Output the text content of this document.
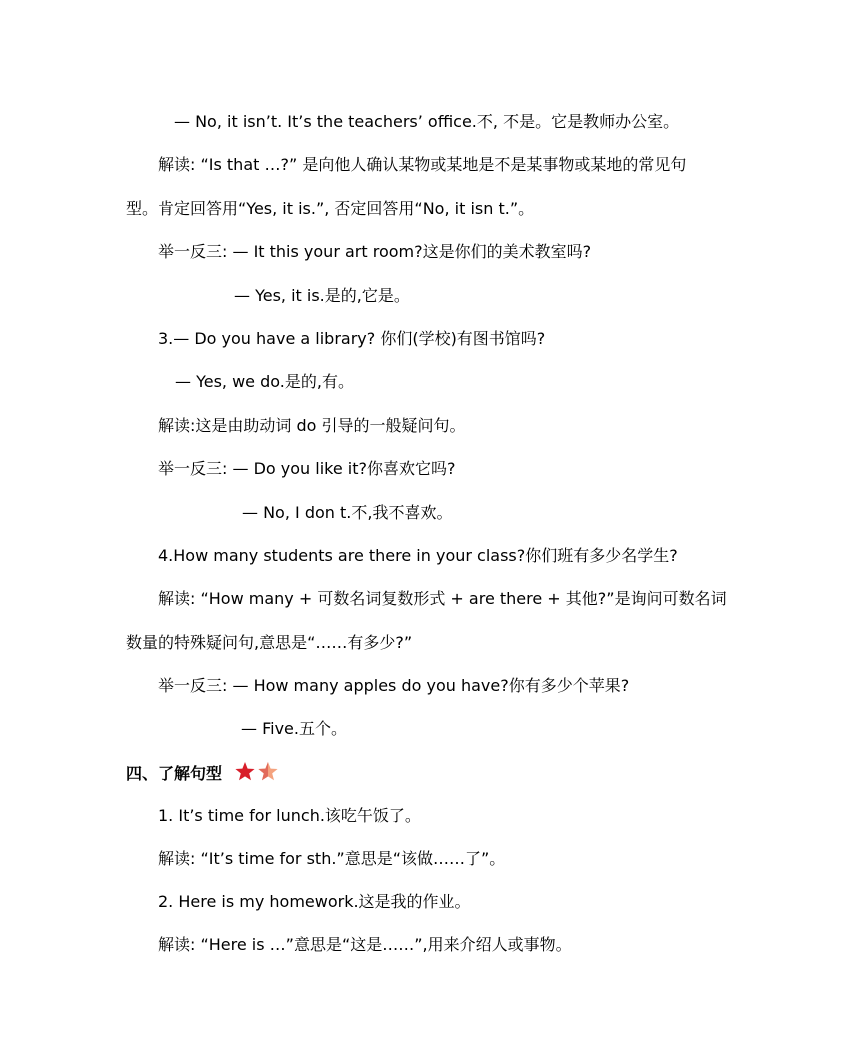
— No, it isn’t. It’s the teachers’ office.不, 不是。它是教师办公室。
解读: “Is that …?” 是向他人确认某物或某地是不是某事物或某地的常见句
型。肯定回答用“Yes, it is.”, 否定回答用“No, it isn t.”。
举一反三: — It this your art room?这是你们的美术教室吗?
— Yes, it is.是的,它是。
3.— Do you have a library? 你们(学校)有图书馆吗?
— Yes, we do.是的,有。
解读:这是由助动词 do 引导的一般疑问句。
举一反三: — Do you like it?你喜欢它吗?
— No, I don t.不,我不喜欢。
4.How many students are there in your class?你们班有多少名学生?
解读: “How many + 可数名词复数形式 + are there + 其他?”是询问可数名词
数量的特殊疑问句,意思是“……有多少?”
举一反三: — How many apples do you have?你有多少个苹果?
— Five.五个。
四、了解句型
1. It’s time for lunch.该吃午饭了。
解读: “It’s time for sth.”意思是“该做……了”。
2. Here is my homework.这是我的作业。
解读: “Here is …”意思是“这是……”,用来介绍人或事物。
